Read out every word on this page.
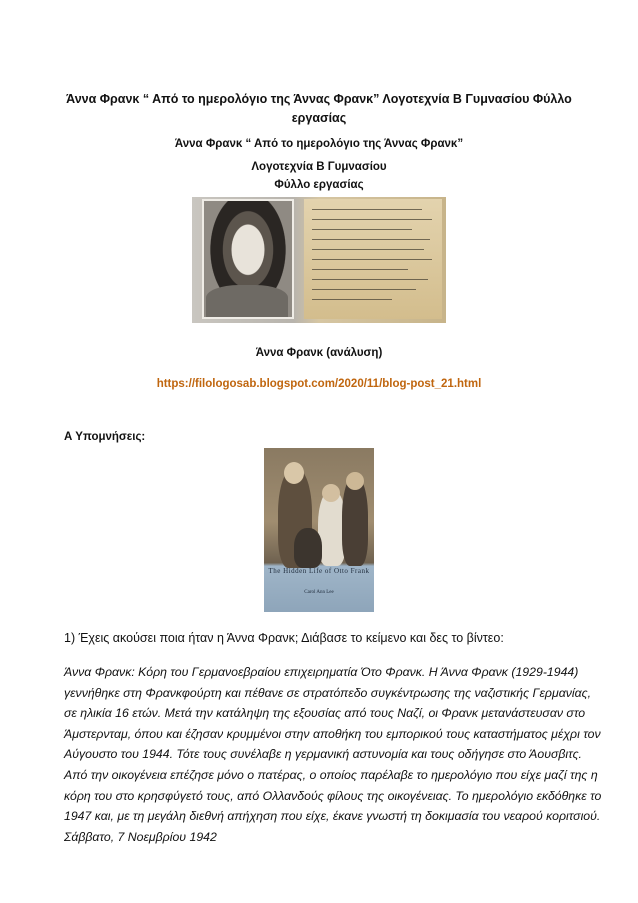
Άννα Φρανκ “ Από το ημερολόγιο της Άννας Φρανκ” Λογοτεχνία Β Γυμνασίου Φύλλο εργασίας
Άννα Φρανκ “ Από το ημερολόγιο της Άννας Φρανκ”
Λογοτεχνία Β Γυμνασίου
Φύλλο εργασίας
Άννα Φρανκ (ανάλυση)
https://filologosab.blogspot.com/2020/11/blog-post_21.html
Α Υπομνήσεις:
The Hidden Life of Otto Frank
Carol Ann Lee
1) Έχεις ακούσει ποια ήταν η Άννα Φρανκ; Διάβασε το κείμενο και δες το βίντεο:
Άννα Φρανκ: Κόρη του Γερμανοεβραίου επιχειρηματία Ότο Φρανκ. Η Άννα Φρανκ (1929-1944)
γεννήθηκε στη Φρανκφούρτη και πέθανε σε στρατόπεδο συγκέντρωσης της ναζιστικής Γερμανίας,
σε ηλικία 16 ετών. Μετά την κατάληψη της εξουσίας από τους Ναζί, οι Φρανκ μετανάστευσαν στο
Άμστερνταμ, όπου και έζησαν κρυμμένοι στην αποθήκη του εμπορικού τους καταστήματος μέχρι τον
Αύγουστο του 1944. Τότε τους συνέλαβε η γερμανική αστυνομία και τους οδήγησε στο Άουσβιτς.
Από την οικογένεια επέζησε μόνο ο πατέρας, ο οποίος παρέλαβε το ημερολόγιο που είχε μαζί της η
κόρη του στο κρησφύγετό τους, από Ολλανδούς φίλους της οικογένειας. Το ημερολόγιο εκδόθηκε το
1947 και, με τη μεγάλη διεθνή απήχηση που είχε, έκανε γνωστή τη δοκιμασία του νεαρού κοριτσιού.
Σάββατο, 7 Νοεμβρίου 1942
